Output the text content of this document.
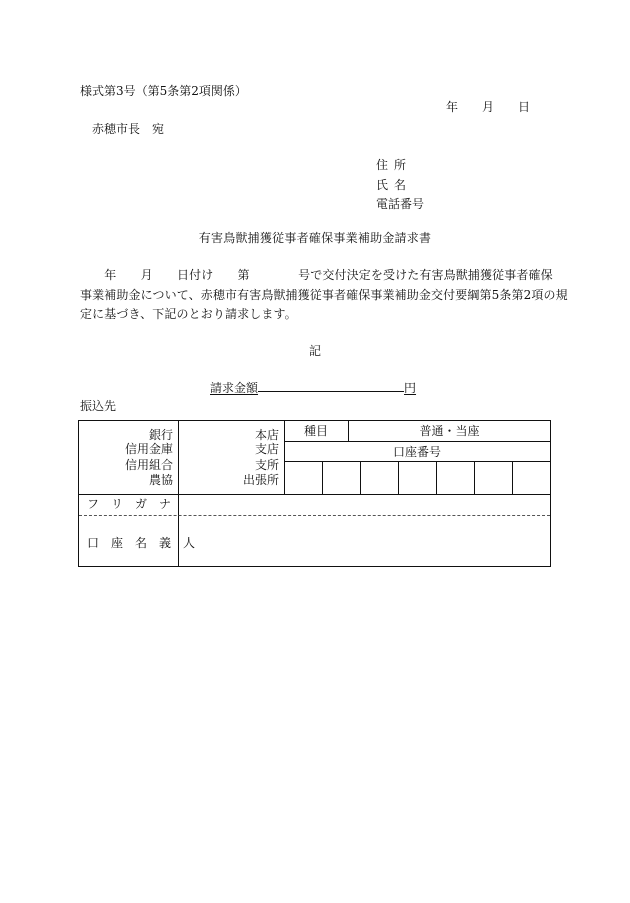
様式第3号（第5条第2項関係）
年 月 日
赤穂市長　宛
住所
氏名
電話番号
有害鳥獣捕獲従事者確保事業補助金請求書
　　年　　月　　日付け　　第　　　　号で交付決定を受けた有害鳥獣捕獲従事者確保
事業補助金について、赤穂市有害鳥獣捕獲従事者確保事業補助金交付要綱第5条第2項の規
定に基づき、下記のとおり請求します。
記
請求金額	円
振込先
銀行
信用金庫
信用組合
農協
本店
支店
支所
出張所
種目	普通・当座
口座番号
フ　リ　ガ　ナ
口　座　名　義　人
